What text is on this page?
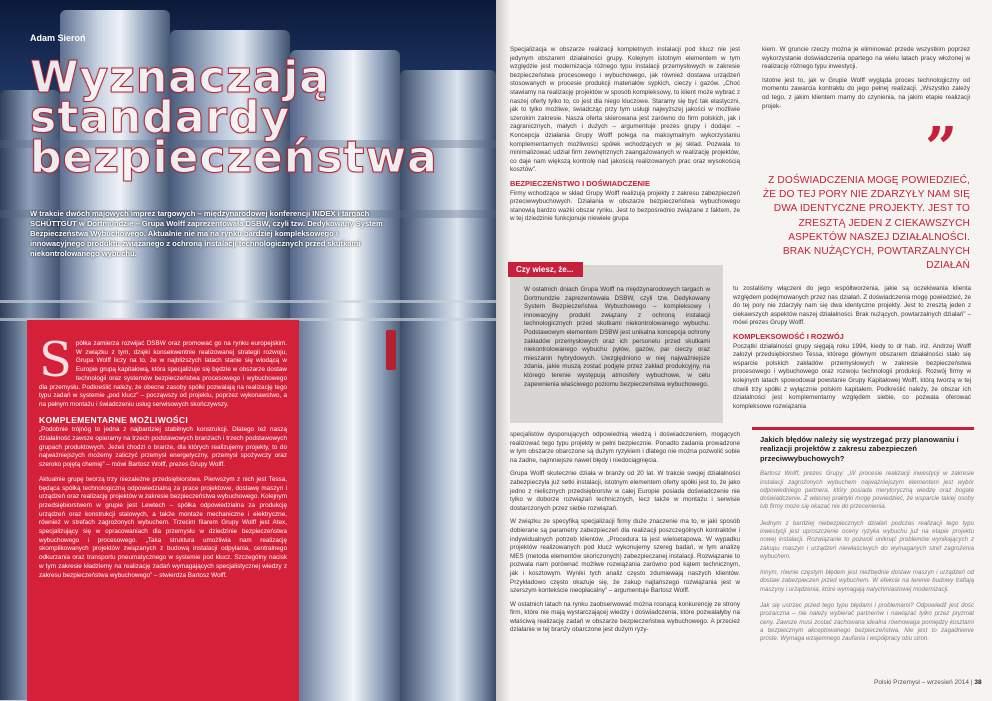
Adam Sieroń
Wyznaczają
standardy
bezpieczeństwa
W trakcie dwóch majowych imprez targowych – międzynarodowej konferencji INDEX i targach SCHÜTTGUT w Dortmundzie – Grupa Wolff zaprezentowała DSBW, czyli tzw. Dedykowany System Bezpieczeństwa Wybuchowego. Aktualnie nie ma na rynku bardziej kompleksowego i innowacyjnego produktu związanego z ochroną instalacji technologicznych przed skutkami niekontrolowanego wybuchu.

Spółka zamierza rozwijać DSBW oraz promować go na rynku europejskim. W związku z tym, dzięki konsekwentnie realizowanej strategii rozwoju, Grupa Wolff liczy na to, że w najbliższych latach stanie się wiodącą w Europie grupą kapitałową, która specjalizuje się będzie w obszarze dostaw technologii oraz systemów bezpieczeństwa procesowego i wybuchowego dla przemysłu. Podkreślić należy, że obecne zasoby spółki pozwalają na realizację tego typu zadań w systemie „pod klucz” – począwszy od projektu, poprzez wykonawstwo, a na pełnym montażu i świadczeniu usług serwisowych skończywszy.

KOMPLEMENTARNE MOŻLIWOŚCI

„Podobnie trójnóg to jedna z najbardziej stabilnych konstrukcji. Dlatego też naszą działalność zawsze opieramy na trzech podstawowych branżach i trzech podstawowych grupach produktowych. Jeżeli chodzi o branże, dla których realizujemy projekty, to do najważniejszych możemy zaliczyć przemysł energetyczny, przemysł spożywczy oraz szeroko pojętą chemię” – mówi Bartosz Wolff, prezes Grupy Wolff.

Aktualnie grupę tworzą trzy niezależne przedsiębiorstwa. Pierwszym z nich jest Tessa, będąca spółką technologiczną odpowiedzialną za prace projektowe, dostawę maszyn i urządzeń oraz realizację projektów w zakresie bezpieczeństwa wybuchowego. Kolejnym przedsiębiorstwem w grupie jest Lewtech – spółka odpowiedzialna za produkcję urządzeń oraz konstrukcji stalowych, a także montaże mechaniczne i elektryczne, również w strefach zagrożonych wybuchem. Trzecim filarem Grupy Wolff jest Atex, specjalizujący się w opracowaniach dla przemysłu w dziedzinie bezpieczeństwa wybuchowego i procesowego. „Taka struktura umożliwia nam realizację skomplikowanych projektów związanych z budową instalacji odpylania, centralnego odkurzania oraz transportu pneumatycznego w systemie pod klucz. Szczególny nacisk w tym zakresie kładziemy na realizację zadań wymagających specjalistycznej wiedzy z zakresu bezpieczeństwa wybuchowego” – stwierdza Bartosz Wolff.

Specjalizacja w obszarze realizacji kompletnych instalacji pod klucz nie jest jedynym obszarem działalności grupy. Kolejnym istotnym elementem w tym względzie jest modernizacja różnego typu instalacji przemysłowych w zakresie bezpieczeństwa procesowego i wybuchowego, jak również dostawa urządzeń stosowanych w procesie produkcji materiałów sypkich, cieczy i gazów. „Choć stawiamy na realizację projektów w sposób kompleksowy, to klient może wybrać z naszej oferty tylko to, co jest dla niego kluczowe. Staramy się być tak elastyczni, jak to tylko możliwe, świadcząc przy tym usługi najwyższej jakości w możliwie szerokim zakresie. Nasza oferta skierowana jest zarówno do firm polskich, jak i zagranicznych, małych i dużych – argumentuje prezes grupy i dodaje: – Koncepcja działania Grupy Wolff polega na maksymalnym wykorzystaniu komplementarnych możliwości spółek wchodzących w jej skład. Pozwala to minimalizować udział firm zewnętrznych zaangażowanych w realizację projektów, co daje nam większą kontrolę nad jakością realizowanych prac oraz wysokością kosztów”.

BEZPIECZEŃSTWO I DOŚWIADCZENIE

Firmy wchodzące w skład Grupy Wolff realizują projekty z zakresu zabezpieczeń przeciwwybuchowych. Działania w obszarze bezpieczeństwa wybuchowego stanowią bardzo ważki obszar rynku. Jest to bezpośrednio związane z faktem, że w tej dziedzinie funkcjonuje niewiele grupa

kiem. W gruncie rzeczy można je eliminować przede wszystkim poprzez wykorzystanie doświadczenia opartego na wielu latach pracy włożonej w realizację różnego typu inwestycji.

Istotne jest to, jak w Grupie Wolff wygląda proces technologiczny od momentu zawarcia kontraktu do jego pełnej realizacji. „Wszystko zależy od tego, z jakim klientem mamy do czynienia, na jakim etapie realizacji projek-

”
Z DOŚWIADCZENIA MOGĘ POWIEDZIEĆ, ŻE DO TEJ PORY NIE ZDARZYŁY NAM SIĘ DWA IDENTYCZNE PROJEKTY. JEST TO ZRESZTĄ JEDEN Z CIEKAWSZYCH ASPEKTÓW NASZEJ DZIAŁALNOŚCI. BRAK NUŻĄCYCH, POWTARZALNYCH DZIAŁAŃ
Czy wiesz, że...
W ostatnich dniach Grupa Wolff na międzynarodowych targach w Dortmundzie zaprezentowała DSBW, czyli tzw. Dedykowany System Bezpieczeństwa Wybuchowego – kompleksowy i innowacyjny produkt związany z ochroną instalacji technologicznych przed skutkami niekontrolowanego wybuchu. Podstawowym elementem DSBW jest unikalna koncepcja ochrony zakładów przemysłowych oraz ich personelu przed skutkami niekontrolowanego wybuchu pyłów, gazów, par cieczy oraz mieszanin hybrydowych. Uwzględniono w niej najważniejsze zdania, jakie muszą zostać podjęte przez zakład produkcyjny, na którego terenie występują atmosfery wybuchowe, w celu zapewnienia właściwego poziomu bezpieczeństwa wybuchowego.

tu zostaliśmy włączeni do jego współtworzenia, jakie są oczekiwania klienta względem podejmowanych przez nas działań. Z doświadczenia mogę powiedzieć, że do tej pory nie zdarzyły nam się dwa identyczne projekty. Jest to zresztą jeden z ciekawszych aspektów naszej działalności. Brak nużących, powtarzalnych działań” – mówi prezes Grupy Wolff.

KOMPLEKSOWOŚĆ I ROZWÓJ

Początki działalności grupy sięgają roku 1994, kiedy to dr hab. inż. Andrzej Wolff założył przedsiębiorstwo Tessa, którego głównym obszarem działalności stało się wsparcie polskich zakładów przemysłowych w zakresie bezpieczeństwa procesowego i wybuchowego oraz rozwoju technologii produkcji. Rozwój firmy w kolejnych latach spowodował powstanie Grupy Kapitałowej Wolff, którą tworzą w tej chwili trzy spółki z wyłącznie polskim kapitałem. Podkreślić należy, że obszar ich działalności jest komplementarny względem siebie, co pozwala oferować kompleksowe rozwiązania

specjalistów dysponujących odpowiednią wiedzą i doświadczeniem, mogących realizować tego typu projekty w pełni bezpiecznie. Ponadto zadania prowadzone w tym obszarze obarczone są dużym ryzykiem i dlatego nie można pozwolić sobie na żadne, najmniejsze nawet błędy i niedociągnięcia.

Grupa Wolff skutecznie działa w branży od 20 lat. W trakcie swojej działalności zabezpieczyła już setki instalacji, istotnym elementem oferty spółki jest to, że jako jedno z nielicznych przedsiębiorstw w całej Europie posiada doświadczenie nie tylko w doborze rozwiązań technicznych, lecz także w montażu i serwisie dostarczonych przez siebie rozwiązań.

W związku ze specyfiką specjalizacji firmy duże znaczenie ma to, w jaki sposób dobierane są parametry zabezpieczeń dla realizacji poszczególnych kontraktów i indywidualnych potrzeb klientów. „Procedura ta jest wieloetapowa. W wypadku projektów realizowanych pod klucz wykonujemy szereg badań, w tym analizę MES (metoda elementów skończonych) zabezpieczanej instalacji. Rozwiązanie to pozwala nam porównać możliwe rozwiązania zarówno pod kątem technicznym, jak i kosztowym. Wyniki tych analiz często zdumiewają naszych klientów. Przykładowo często okazuje się, że zakup najtańszego rozwiązania jest w szerszym kontekście nieopłacalny” – argumentuje Bartosz Wolff.

W ostatnich latach na rynku zaobserwować można rosnącą konkurencję ze strony firm, które nie mają wystarczającej wiedzy i doświadczenia, które pozwalałyby na właściwą realizację zadań w obszarze bezpieczeństwa wybuchowego. A przecież działanie w tej branży obarczone jest dużym ryzy-

Jakich błędów należy się wystrzegać przy planowaniu i realizacji projektów z zakresu zabezpieczeń przeciwwybuchowych?

Bartosz Wolff, prezes Grupy: „W procesie realizacji inwestycji w zakresie instalacji zagrożonych wybuchem najważniejszym elementem jest wybór odpowiedniego partnera, który posiada merytoryczną wiedzę oraz bogate doświadczenie. Z własnej praktyki mogę powiedzieć, że wsparcie takiej osoby lub firmy może się okazać nie do przecenienia.

Jednym z bardziej niebezpiecznych działań podczas realizacji tego typu inwestycji jest uproszczenie oceny ryzyka wybuchu już na etapie projektu nowej instalacji. Rozwiązanie to pozwoli uniknąć problemów wynikających z zakupu maszyn i urządzeń niewłaściwych do wymaganych stref zagrożenia wybuchem.

Innym, równie częstym błędem jest nieźbędnie dostaw maszyn i urządzeń od dostaw zabezpieczeń przed wybuchem. W efekcie na terenie budowy trafiają maszyny i urządzenia, które wymagają natychmiastowej modernizacji.

Jak się ustrzec przed tego typu błędami i problemami? Odpowiedź jest dość prozaiczna – nie należy wybierać partnerów i nawiązać tylko przez pryzmat ceny. Zawsze musi zostać zachowana idealna równowaga pomiędzy kosztami a bezpiecznym akceptowanego bezpieczeństwa. Nie jest to zagadnienie proste. Wymaga wzajemnego zaufania i współpracy obu stron.

Polski Przemysł – wrzesień 2014 | 38
